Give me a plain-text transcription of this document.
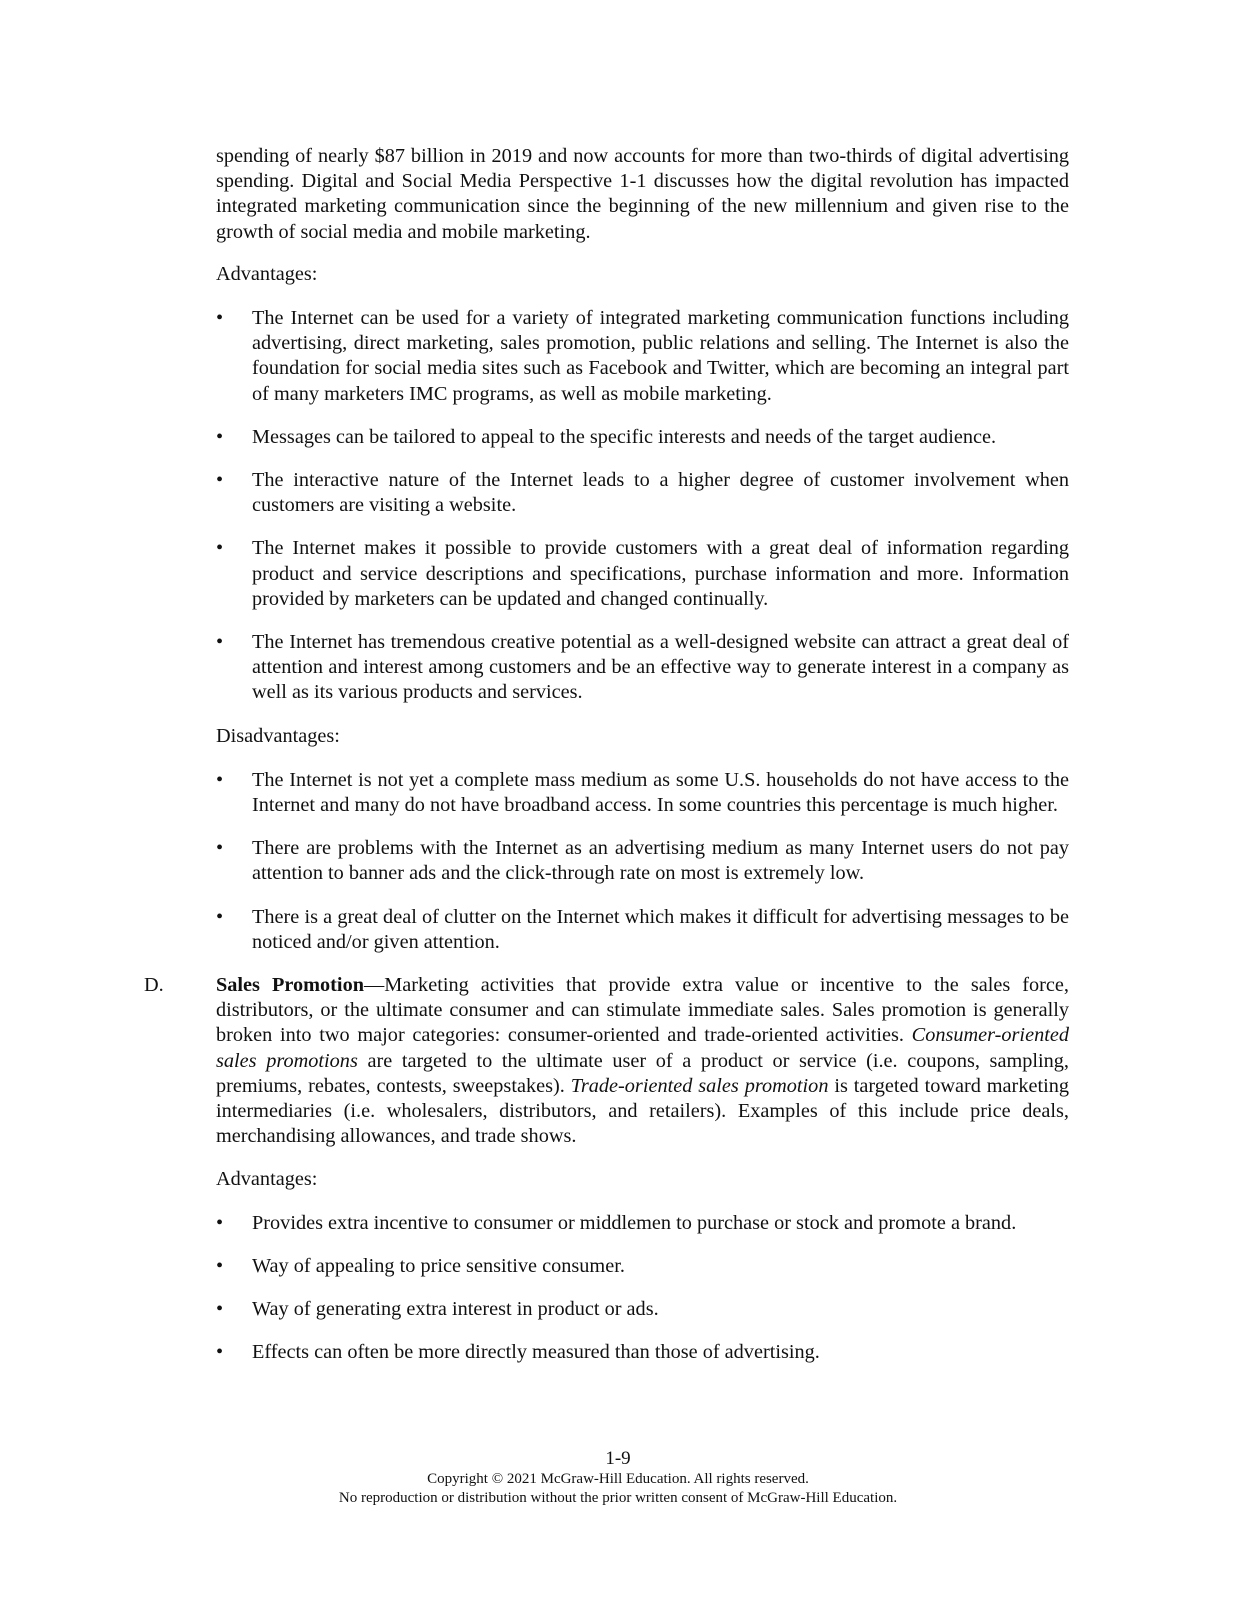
spending of nearly $87 billion in 2019 and now accounts for more than two-thirds of digital advertising spending. Digital and Social Media Perspective 1-1 discusses how the digital revolution has impacted integrated marketing communication since the beginning of the new millennium and given rise to the growth of social media and mobile marketing.

Advantages:

•	The Internet can be used for a variety of integrated marketing communication functions including advertising, direct marketing, sales promotion, public relations and selling. The Internet is also the foundation for social media sites such as Facebook and Twitter, which are becoming an integral part of many marketers IMC programs, as well as mobile marketing.
•	Messages can be tailored to appeal to the specific interests and needs of the target audience.
•	The interactive nature of the Internet leads to a higher degree of customer involvement when customers are visiting a website.
•	The Internet makes it possible to provide customers with a great deal of information regarding product and service descriptions and specifications, purchase information and more. Information provided by marketers can be updated and changed continually.
•	The Internet has tremendous creative potential as a well-designed website can attract a great deal of attention and interest among customers and be an effective way to generate interest in a company as well as its various products and services.

Disadvantages:

•	The Internet is not yet a complete mass medium as some U.S. households do not have access to the Internet and many do not have broadband access. In some countries this percentage is much higher.
•	There are problems with the Internet as an advertising medium as many Internet users do not pay attention to banner ads and the click-through rate on most is extremely low.
•	There is a great deal of clutter on the Internet which makes it difficult for advertising messages to be noticed and/or given attention.
D.	Sales Promotion—Marketing activities that provide extra value or incentive to the sales force, distributors, or the ultimate consumer and can stimulate immediate sales. Sales promotion is generally broken into two major categories: consumer-oriented and trade-oriented activities. Consumer-oriented sales promotions are targeted to the ultimate user of a product or service (i.e. coupons, sampling, premiums, rebates, contests, sweepstakes). Trade-oriented sales promotion is targeted toward marketing intermediaries (i.e. wholesalers, distributors, and retailers). Examples of this include price deals, merchandising allowances, and trade shows.

Advantages:

•	Provides extra incentive to consumer or middlemen to purchase or stock and promote a brand.
•	Way of appealing to price sensitive consumer.
•	Way of generating extra interest in product or ads.
•	Effects can often be more directly measured than those of advertising.
1-9
Copyright © 2021 McGraw-Hill Education. All rights reserved.
No reproduction or distribution without the prior written consent of McGraw-Hill Education.
